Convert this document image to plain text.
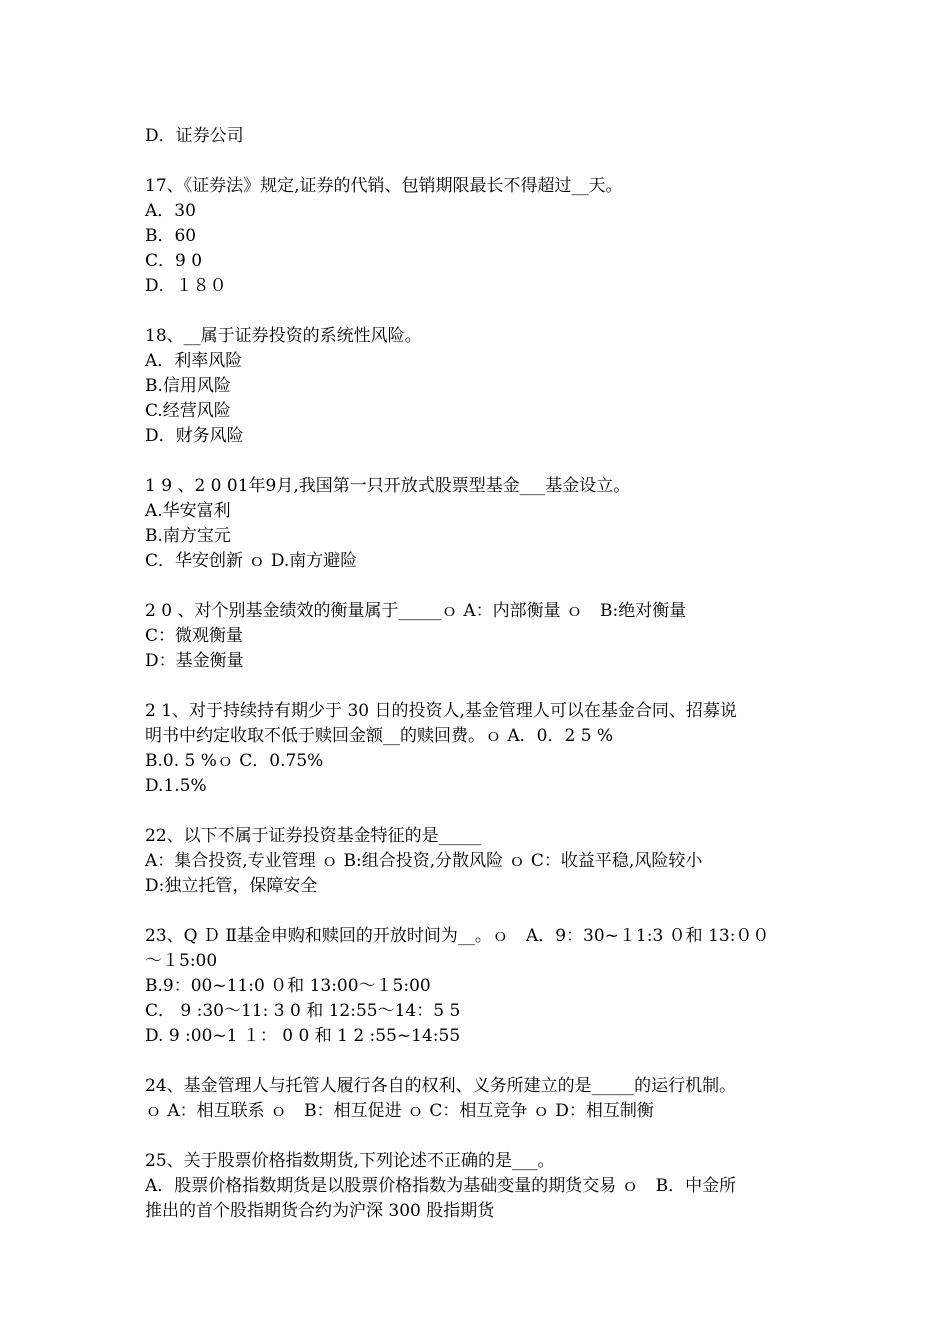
D．证券公司
17、《证券法》规定,证券的代销、包销期限最长不得超过__天。
A．30
B．60
C．9 0
D．１８０
18、__属于证券投资的系统性风险。
A．利率风险
B.信用风险
C.经营风险
D．财务风险
1 9 、2 0 01年9月,我国第一只开放式股票型基金___基金设立。
A.华安富利
B.南方宝元
C．华安创新 ｏ D.南方避险
2 0 、对个别基金绩效的衡量属于_____ｏ A：内部衡量 ｏ　B:绝对衡量
C：微观衡量
D：基金衡量
2 1、对于持续持有期少于 30 日的投资人,基金管理人可以在基金合同、招募说
明书中约定收取不低于赎回金额__的赎回费。ｏ A．0．2 5 %
B.0. 5 %ｏ C．0.75%
D.1.5%
22、以下不属于证券投资基金特征的是_____
A：集合投资,专业管理 ｏ B:组合投资,分散风险 ｏ C：收益平稳,风险较小
D:独立托管，保障安全
23、Q Ｄ Ⅱ基金申购和赎回的开放时间为__。ｏ　A．9：30~１1:3 ０和 13:００
～１5:00
B.9：00~11:0 ０和 13:00～１5:00
C． 9 :30～11: 3 0 和 12:55～14：5 5
D. 9 :00~1 １： 0 0 和 1 2 :55~14:55
24、基金管理人与托管人履行各自的权利、义务所建立的是_____的运行机制。
ｏ A：相互联系 ｏ　B：相互促进 ｏ C：相互竞争 ｏ D：相互制衡
25、关于股票价格指数期货,下列论述不正确的是___。
A．股票价格指数期货是以股票价格指数为基础变量的期货交易 ｏ　B．中金所
推出的首个股指期货合约为沪深 300 股指期货
